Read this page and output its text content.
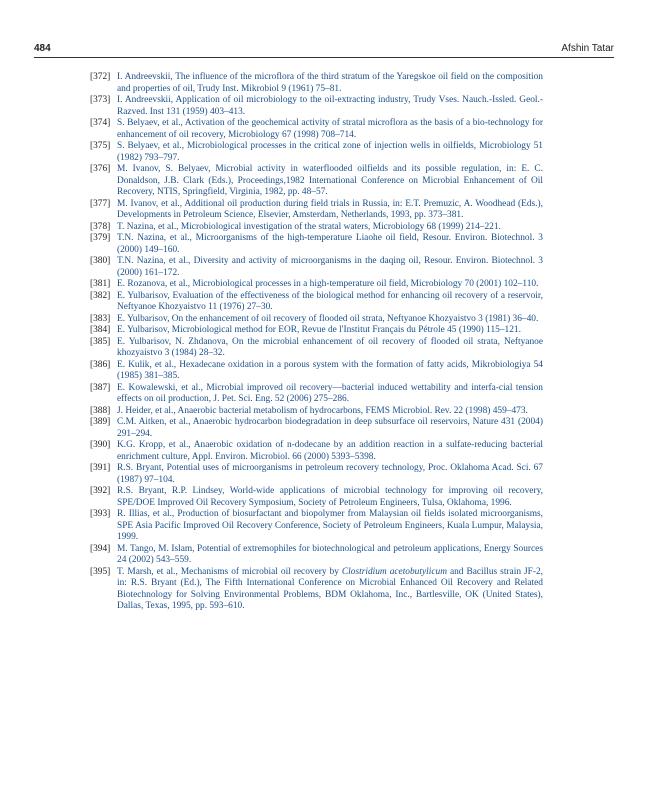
484	Afshin Tatar
[372] I. Andreevskii, The influence of the microflora of the third stratum of the Yaregskoe oil field on the composition and properties of oil, Trudy Inst. Mikrobiol 9 (1961) 75–81.
[373] I. Andreevskii, Application of oil microbiology to the oil-extracting industry, Trudy Vses. Nauch.-Issled. Geol.-Razved. Inst 131 (1959) 403–413.
[374] S. Belyaev, et al., Activation of the geochemical activity of stratal microflora as the basis of a bio-technology for enhancement of oil recovery, Microbiology 67 (1998) 708–714.
[375] S. Belyaev, et al., Microbiological processes in the critical zone of injection wells in oilfields, Microbiology 51 (1982) 793–797.
[376] M. Ivanov, S. Belyaev, Microbial activity in waterflooded oilfields and its possible regulation, in: E. C. Donaldson, J.B. Clark (Eds.), Proceedings,1982 International Conference on Microbial Enhancement of Oil Recovery, NTIS, Springfield, Virginia, 1982, pp. 48–57.
[377] M. Ivanov, et al., Additional oil production during field trials in Russia, in: E.T. Premuzic, A. Woodhead (Eds.), Developments in Petroleum Science, Elsevier, Amsterdam, Netherlands, 1993, pp. 373–381.
[378] T. Nazina, et al., Microbiological investigation of the stratal waters, Microbiology 68 (1999) 214–221.
[379] T.N. Nazina, et al., Microorganisms of the high-temperature Liaohe oil field, Resour. Environ. Biotechnol. 3 (2000) 149–160.
[380] T.N. Nazina, et al., Diversity and activity of microorganisms in the daqing oil, Resour. Environ. Biotechnol. 3 (2000) 161–172.
[381] E. Rozanova, et al., Microbiological processes in a high-temperature oil field, Microbiology 70 (2001) 102–110.
[382] E. Yulbarisov, Evaluation of the effectiveness of the biological method for enhancing oil recovery of a reservoir, Neftyanoe Khozyaistvo 11 (1976) 27–30.
[383] E. Yulbarisov, On the enhancement of oil recovery of flooded oil strata, Neftyanoe Khozyaistvo 3 (1981) 36–40.
[384] E. Yulbarisov, Microbiological method for EOR, Revue de l'Institut Français du Pétrole 45 (1990) 115–121.
[385] E. Yulbarisov, N. Zhdanova, On the microbial enhancement of oil recovery of flooded oil strata, Neftyanoe khozyaistvo 3 (1984) 28–32.
[386] E. Kulik, et al., Hexadecane oxidation in a porous system with the formation of fatty acids, Mikrobiologiya 54 (1985) 381–385.
[387] E. Kowalewski, et al., Microbial improved oil recovery—bacterial induced wettability and interfa-cial tension effects on oil production, J. Pet. Sci. Eng. 52 (2006) 275–286.
[388] J. Heider, et al., Anaerobic bacterial metabolism of hydrocarbons, FEMS Microbiol. Rev. 22 (1998) 459–473.
[389] C.M. Aitken, et al., Anaerobic hydrocarbon biodegradation in deep subsurface oil reservoirs, Nature 431 (2004) 291–294.
[390] K.G. Kropp, et al., Anaerobic oxidation of n-dodecane by an addition reaction in a sulfate-reducing bacterial enrichment culture, Appl. Environ. Microbiol. 66 (2000) 5393–5398.
[391] R.S. Bryant, Potential uses of microorganisms in petroleum recovery technology, Proc. Oklahoma Acad. Sci. 67 (1987) 97–104.
[392] R.S. Bryant, R.P. Lindsey, World-wide applications of microbial technology for improving oil recovery, SPE/DOE Improved Oil Recovery Symposium, Society of Petroleum Engineers, Tulsa, Oklahoma, 1996.
[393] R. Illias, et al., Production of biosurfactant and biopolymer from Malaysian oil fields isolated microorganisms, SPE Asia Pacific Improved Oil Recovery Conference, Society of Petroleum Engineers, Kuala Lumpur, Malaysia, 1999.
[394] M. Tango, M. Islam, Potential of extremophiles for biotechnological and petroleum applications, Energy Sources 24 (2002) 543–559.
[395] T. Marsh, et al., Mechanisms of microbial oil recovery by Clostridium acetobutylicum and Bacillus strain JF-2, in: R.S. Bryant (Ed.), The Fifth International Conference on Microbial Enhanced Oil Recovery and Related Biotechnology for Solving Environmental Problems, BDM Oklahoma, Inc., Bartlesville, OK (United States), Dallas, Texas, 1995, pp. 593–610.
